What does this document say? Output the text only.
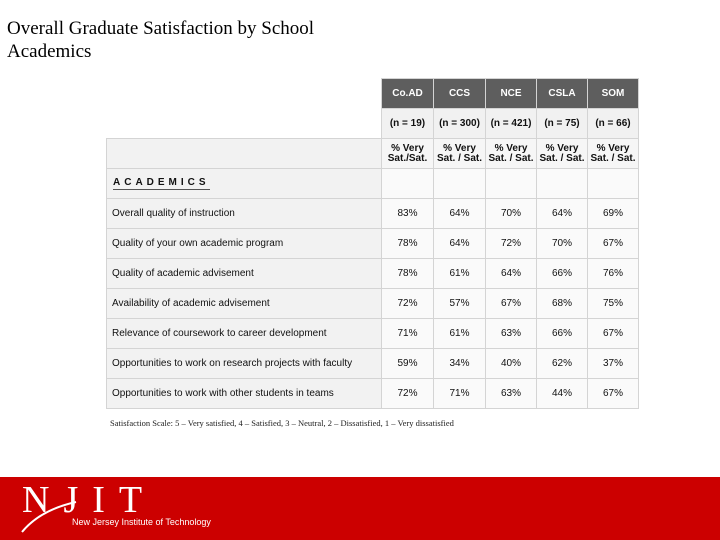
Overall Graduate Satisfaction by School
Academics
	Co.AD	CCS	NCE	CSLA	SOM
	(n = 19)	(n = 300)	(n = 421)	(n = 75)	(n = 66)
	% Very Sat./Sat.	% Very Sat. / Sat.	% Very Sat. / Sat.	% Very Sat. / Sat.	% Very Sat. / Sat.
ACADEMICS					
Overall quality of instruction	83%	64%	70%	64%	69%
Quality of your own academic program	78%	64%	72%	70%	67%
Quality of academic advisement	78%	61%	64%	66%	76%
Availability of academic advisement	72%	57%	67%	68%	75%
Relevance of coursework to career development	71%	61%	63%	66%	67%
Opportunities to work on research projects with faculty	59%	34%	40%	62%	37%
Opportunities to work with other students in teams	72%	71%	63%	44%	67%
Satisfaction Scale: 5 – Very satisfied, 4 – Satisfied, 3 – Neutral, 2 – Dissatisfied, 1 – Very dissatisfied
NJIT
New Jersey Institute of Technology
